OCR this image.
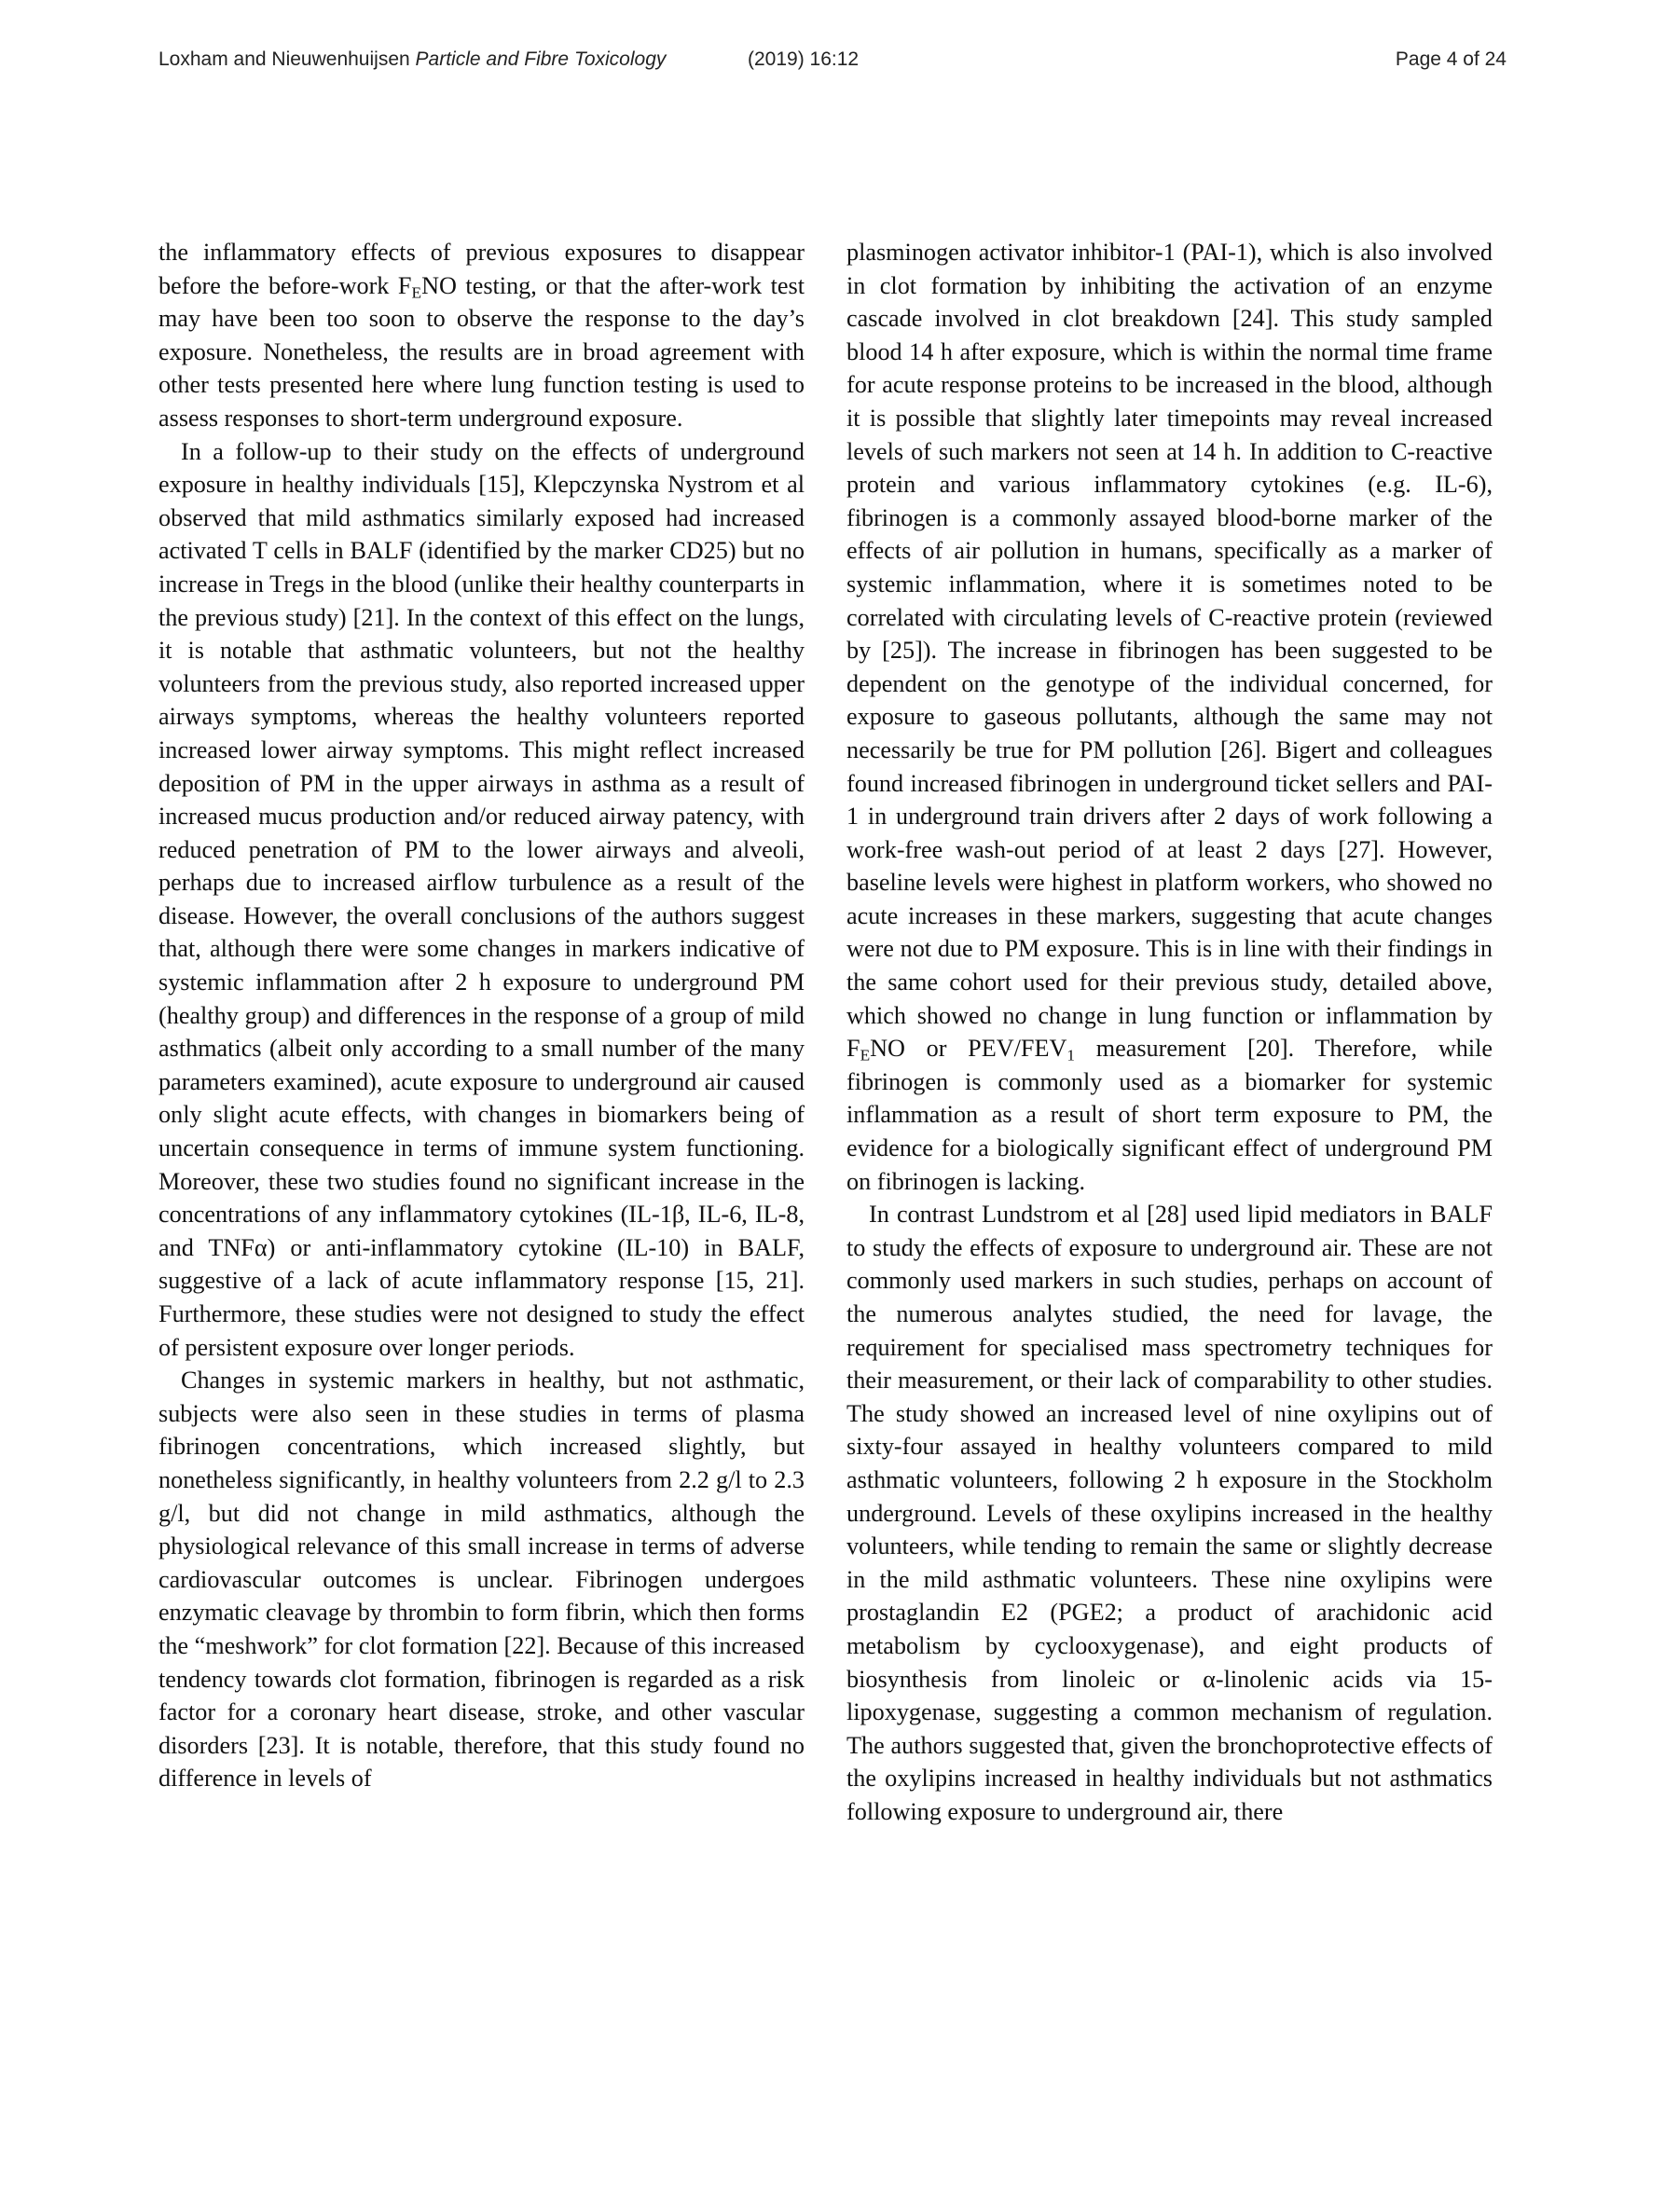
Loxham and Nieuwenhuijsen Particle and Fibre Toxicology	(2019) 16:12	Page 4 of 24

the inflammatory effects of previous exposures to disappear before the before-work $F_ENO$ testing, or that the after-work test may have been too soon to observe the response to the day’s exposure. Nonetheless, the results are in broad agreement with other tests presented here where lung function testing is used to assess responses to short-term underground exposure.

In a follow-up to their study on the effects of underground exposure in healthy individuals [15], Klepczynska Nystrom et al observed that mild asthmatics similarly exposed had increased activated T cells in BALF (identified by the marker CD25) but no increase in Tregs in the blood (unlike their healthy counterparts in the previous study) [21]. In the context of this effect on the lungs, it is notable that asthmatic volunteers, but not the healthy volunteers from the previous study, also reported increased upper airways symptoms, whereas the healthy volunteers reported increased lower airway symptoms. This might reflect increased deposition of PM in the upper airways in asthma as a result of increased mucus production and/or reduced airway patency, with reduced penetration of PM to the lower airways and alveoli, perhaps due to increased airflow turbulence as a result of the disease. However, the overall conclusions of the authors suggest that, although there were some changes in markers indicative of systemic inflammation after 2 h exposure to underground PM (healthy group) and differences in the response of a group of mild asthmatics (albeit only according to a small number of the many parameters examined), acute exposure to underground air caused only slight acute effects, with changes in biomarkers being of uncertain consequence in terms of immune system functioning. Moreover, these two studies found no significant increase in the concentrations of any inflammatory cytokines (IL-1β, IL-6, IL-8, and TNFα) or anti-inflammatory cytokine (IL-10) in BALF, suggestive of a lack of acute inflammatory response [15, 21]. Furthermore, these studies were not designed to study the effect of persistent exposure over longer periods.

Changes in systemic markers in healthy, but not asthmatic, subjects were also seen in these studies in terms of plasma fibrinogen concentrations, which increased slightly, but nonetheless significantly, in healthy volunteers from 2.2 g/l to 2.3 g/l, but did not change in mild asthmatics, although the physiological relevance of this small increase in terms of adverse cardiovascular outcomes is unclear. Fibrinogen undergoes enzymatic cleavage by thrombin to form fibrin, which then forms the “meshwork” for clot formation [22]. Because of this increased tendency towards clot formation, fibrinogen is regarded as a risk factor for a coronary heart disease, stroke, and other vascular disorders [23]. It is notable, therefore, that this study found no difference in levels of

plasminogen activator inhibitor-1 (PAI-1), which is also involved in clot formation by inhibiting the activation of an enzyme cascade involved in clot breakdown [24]. This study sampled blood 14 h after exposure, which is within the normal time frame for acute response proteins to be increased in the blood, although it is possible that slightly later timepoints may reveal increased levels of such markers not seen at 14 h. In addition to C-reactive protein and various inflammatory cytokines (e.g. IL-6), fibrinogen is a commonly assayed blood-borne marker of the effects of air pollution in humans, specifically as a marker of systemic inflammation, where it is sometimes noted to be correlated with circulating levels of C-reactive protein (reviewed by [25]). The increase in fibrinogen has been suggested to be dependent on the genotype of the individual concerned, for exposure to gaseous pollutants, although the same may not necessarily be true for PM pollution [26]. Bigert and colleagues found increased fibrinogen in underground ticket sellers and PAI-1 in underground train drivers after 2 days of work following a work-free wash-out period of at least 2 days [27]. However, baseline levels were highest in platform workers, who showed no acute increases in these markers, suggesting that acute changes were not due to PM exposure. This is in line with their findings in the same cohort used for their previous study, detailed above, which showed no change in lung function or inflammation by $F_ENO$ or PEV/$FEV_1$ measurement [20]. Therefore, while fibrinogen is commonly used as a biomarker for systemic inflammation as a result of short term exposure to PM, the evidence for a biologically significant effect of underground PM on fibrinogen is lacking.

In contrast Lundstrom et al [28] used lipid mediators in BALF to study the effects of exposure to underground air. These are not commonly used markers in such studies, perhaps on account of the numerous analytes studied, the need for lavage, the requirement for specialised mass spectrometry techniques for their measurement, or their lack of comparability to other studies. The study showed an increased level of nine oxylipins out of sixty-four assayed in healthy volunteers compared to mild asthmatic volunteers, following 2 h exposure in the Stockholm underground. Levels of these oxylipins increased in the healthy volunteers, while tending to remain the same or slightly decrease in the mild asthmatic volunteers. These nine oxylipins were prostaglandin E2 (PGE2; a product of arachidonic acid metabolism by cyclooxygenase), and eight products of biosynthesis from linoleic or α-linolenic acids via 15-lipoxygenase, suggesting a common mechanism of regulation. The authors suggested that, given the bronchoprotective effects of the oxylipins increased in healthy individuals but not asthmatics following exposure to underground air, there
